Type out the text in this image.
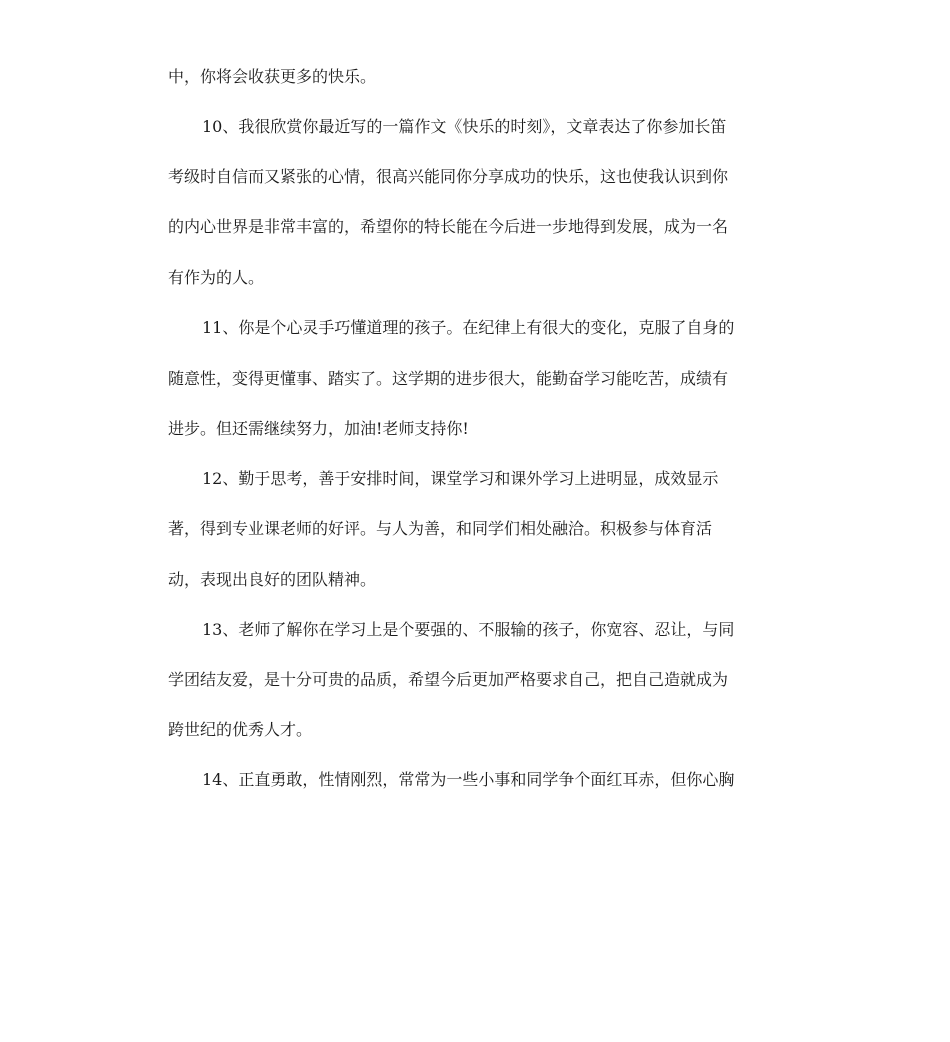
中，你将会收获更多的快乐。
10、我很欣赏你最近写的一篇作文《快乐的时刻》，文章表达了你参加长笛
考级时自信而又紧张的心情，很高兴能同你分享成功的快乐，这也使我认识到你
的内心世界是非常丰富的，希望你的特长能在今后进一步地得到发展，成为一名
有作为的人。
11、你是个心灵手巧懂道理的孩子。在纪律上有很大的变化，克服了自身的
随意性，变得更懂事、踏实了。这学期的进步很大，能勤奋学习能吃苦，成绩有
进步。但还需继续努力，加油!老师支持你!
12、勤于思考，善于安排时间，课堂学习和课外学习上进明显，成效显示
著，得到专业课老师的好评。与人为善，和同学们相处融洽。积极参与体育活
动，表现出良好的团队精神。
13、老师了解你在学习上是个要强的、不服输的孩子，你宽容、忍让，与同
学团结友爱，是十分可贵的品质，希望今后更加严格要求自己，把自己造就成为
跨世纪的优秀人才。
14、正直勇敢，性情刚烈，常常为一些小事和同学争个面红耳赤，但你心胸
